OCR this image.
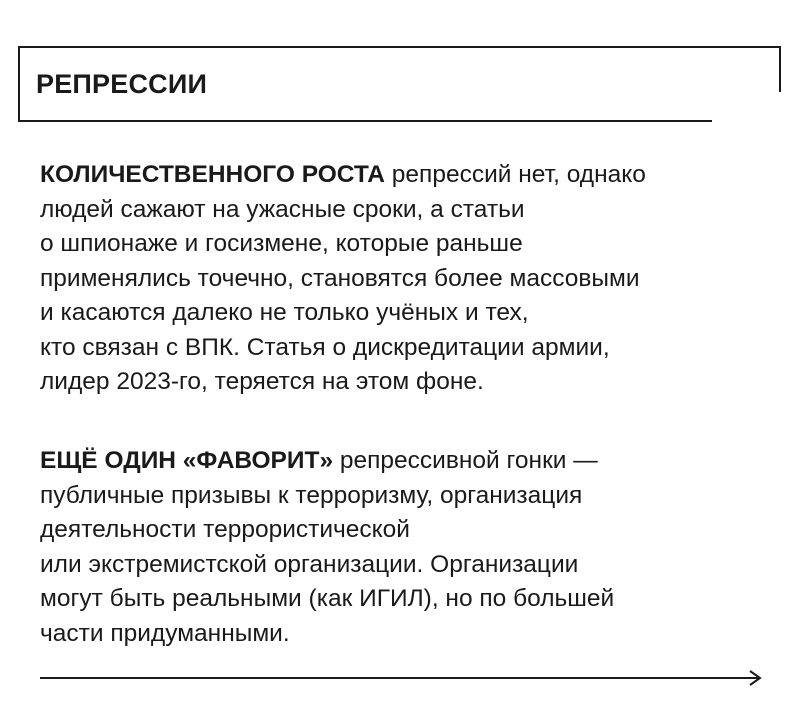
РЕПРЕССИИ

КОЛИЧЕСТВЕННОГО РОСТА репрессий нет, однако
людей сажают на ужасные сроки, а статьи
о шпионаже и госизмене, которые раньше
применялись точечно, становятся более массовыми
и касаются далеко не только учёных и тех,
кто связан с ВПК. Статья о дискредитации армии,
лидер 2023-го, теряется на этом фоне.

ЕЩЁ ОДИН «ФАВОРИТ» репрессивной гонки —
публичные призывы к терроризму, организация
деятельности террористической
или экстремистской организации. Организации
могут быть реальными (как ИГИЛ), но по большей
части придуманными.
